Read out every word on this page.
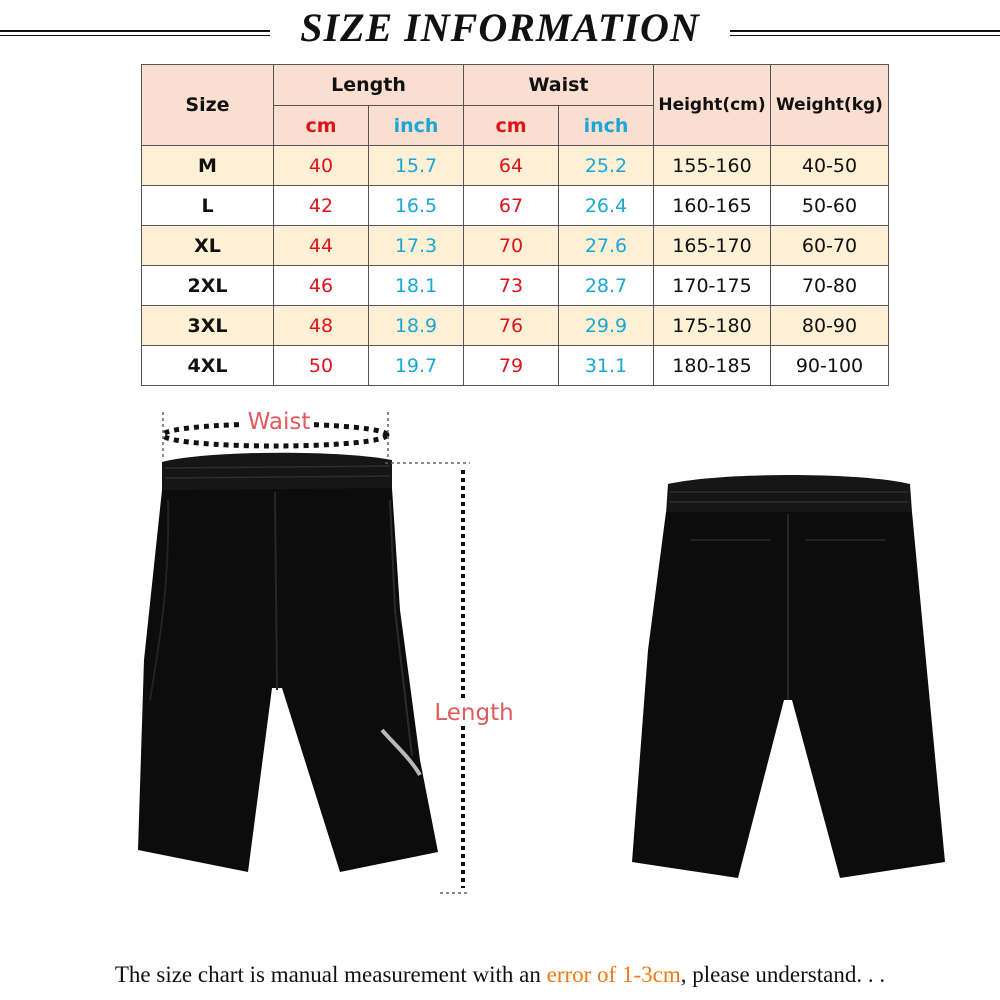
SIZE INFORMATION
Size	Length		Waist		Height(cm)	Weight(kg)
	cm	inch	cm	inch		
M	40	15.7	64	25.2	155-160	40-50
L	42	16.5	67	26.4	160-165	50-60
XL	44	17.3	70	27.6	165-170	60-70
2XL	46	18.1	73	28.7	170-175	70-80
3XL	48	18.9	76	29.9	175-180	80-90
4XL	50	19.7	79	31.1	180-185	90-100
Waist
Length
The size chart is manual measurement with an error of 1-3cm, please understand. . .
